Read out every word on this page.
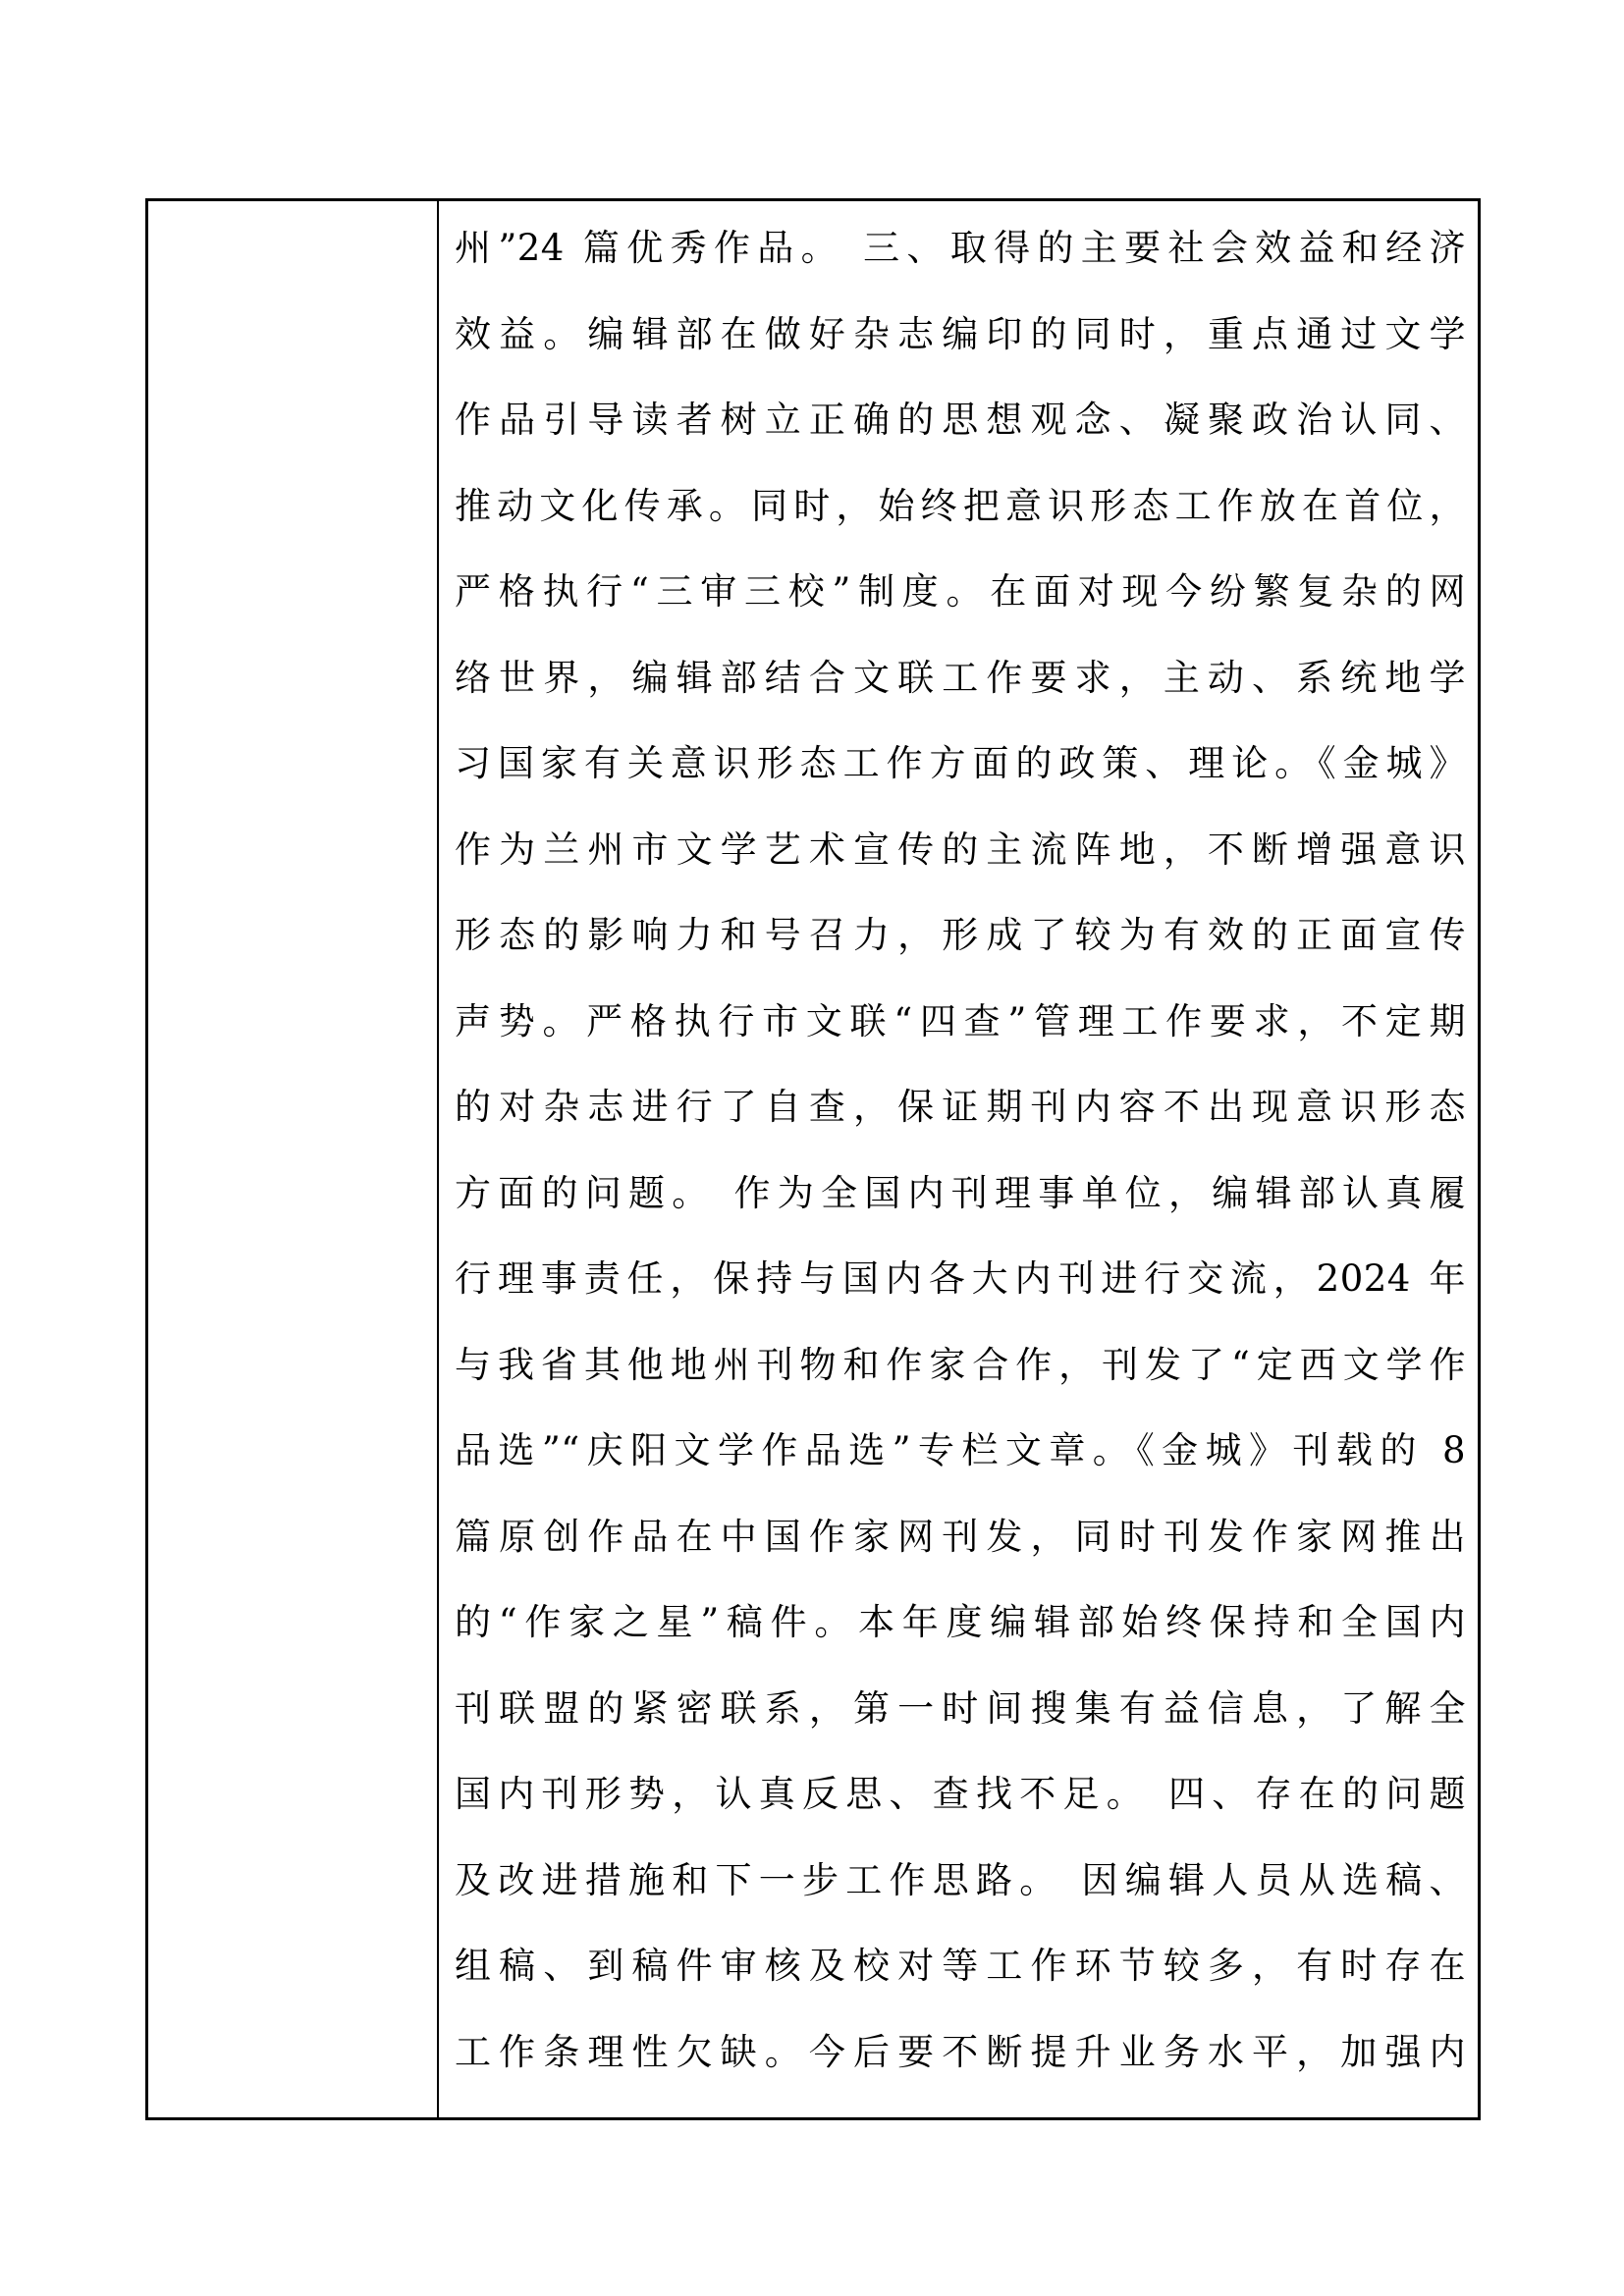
州”24 篇优秀作品。 三、取得的主要社会效益和经济
效益。编辑部在做好杂志编印的同时，重点通过文学
作品引导读者树立正确的思想观念、凝聚政治认同、
推动文化传承。同时，始终把意识形态工作放在首位，
严格执行“三审三校”制度。在面对现今纷繁复杂的网
络世界，编辑部结合文联工作要求，主动、系统地学
习国家有关意识形态工作方面的政策、理论。《金城》
作为兰州市文学艺术宣传的主流阵地，不断增强意识
形态的影响力和号召力，形成了较为有效的正面宣传
声势。严格执行市文联“四查”管理工作要求，不定期
的对杂志进行了自查，保证期刊内容不出现意识形态
方面的问题。 作为全国内刊理事单位，编辑部认真履
行理事责任，保持与国内各大内刊进行交流，2024 年
与我省其他地州刊物和作家合作，刊发了“定西文学作
品选”“庆阳文学作品选”专栏文章。《金城》刊载的 8
篇原创作品在中国作家网刊发，同时刊发作家网推出
的“作家之星”稿件。本年度编辑部始终保持和全国内
刊联盟的紧密联系，第一时间搜集有益信息，了解全
国内刊形势，认真反思、查找不足。 四、存在的问题
及改进措施和下一步工作思路。 因编辑人员从选稿、
组稿、到稿件审核及校对等工作环节较多，有时存在
工作条理性欠缺。今后要不断提升业务水平，加强内
